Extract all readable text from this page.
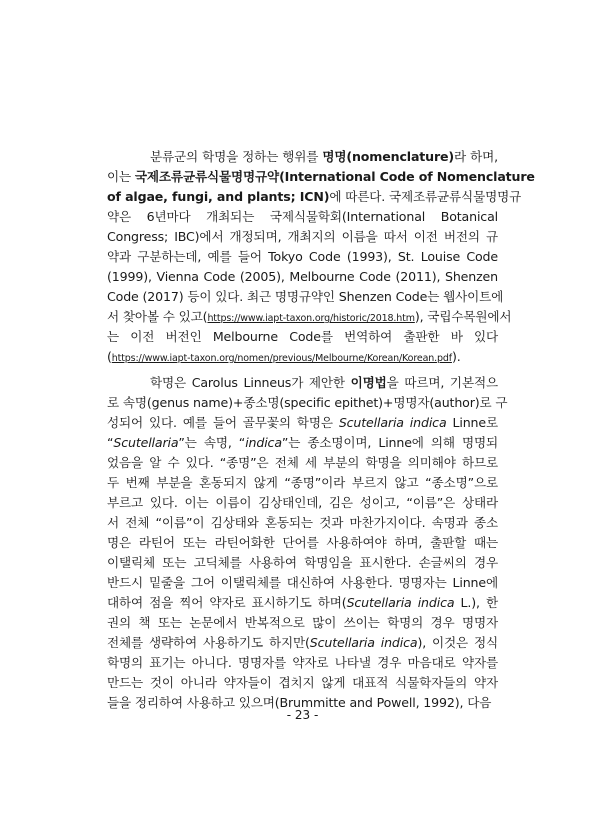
분류군의 학명을 정하는 행위를 명명(nomenclature)라 하며,
이는 국제조류균류식물명명규약(International Code of Nomenclature
of algae, fungi, and plants; ICN)에 따른다. 국제조류균류식물명명규
약은 6년마다 개최되는 국제식물학회(International Botanical
Congress; IBC)에서 개정되며, 개최지의 이름을 따서 이전 버전의 규
약과 구분하는데, 예를 들어 Tokyo Code (1993), St. Louise Code
(1999), Vienna Code (2005), Melbourne Code (2011), Shenzen
Code (2017) 등이 있다. 최근 명명규약인 Shenzen Code는 웹사이트에
서 찾아볼 수 있고(https://www.iapt-taxon.org/historic/2018.htm), 국립수목원에서
는 이전 버전인 Melbourne Code를 번역하여 출판한 바 있다
(https://www.iapt-taxon.org/nomen/previous/Melbourne/Korean/Korean.pdf).
학명은 Carolus Linneus가 제안한 이명법을 따르며, 기본적으
로 속명(genus name)+종소명(specific epithet)+명명자(author)로 구
성되어 있다. 예를 들어 골무꽃의 학명은 Scutellaria indica Linne로
“Scutellaria”는 속명, “indica”는 종소명이며, Linne에 의해 명명되
었음을 알 수 있다. “종명”은 전체 세 부분의 학명을 의미해야 하므로
두 번째 부분을 혼동되지 않게 “종명”이라 부르지 않고 “종소명”으로
부르고 있다. 이는 이름이 김상태인데, 김은 성이고, “이름”은 상태라
서 전체 “이름”이 김상태와 혼동되는 것과 마찬가지이다. 속명과 종소
명은 라틴어 또는 라틴어화한 단어를 사용하여야 하며, 출판할 때는
이탤릭체 또는 고딕체를 사용하여 학명임을 표시한다. 손글씨의 경우
반드시 밑줄을 그어 이탤릭체를 대신하여 사용한다. 명명자는 Linne에
대하여 점을 찍어 약자로 표시하기도 하며(Scutellaria indica L.), 한
권의 책 또는 논문에서 반복적으로 많이 쓰이는 학명의 경우 명명자
전체를 생략하여 사용하기도 하지만(Scutellaria indica), 이것은 정식
학명의 표기는 아니다. 명명자를 약자로 나타낼 경우 마음대로 약자를
만드는 것이 아니라 약자들이 겹치지 않게 대표적 식물학자들의 약자
들을 정리하여 사용하고 있으며(Brummitte and Powell, 1992), 다음
- 23 -
